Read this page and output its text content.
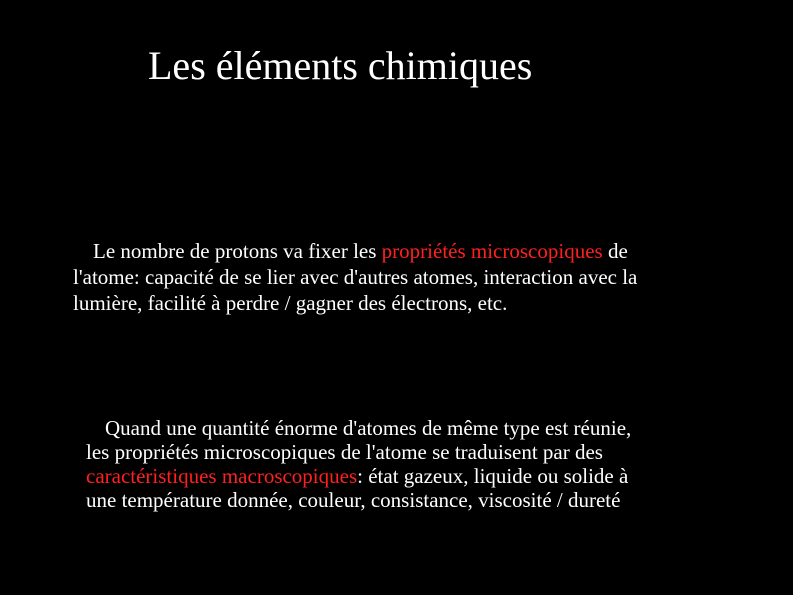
Les éléments chimiques

Le nombre de protons va fixer les propriétés microscopiques de
l'atome: capacité de se lier avec d'autres atomes, interaction avec la
lumière, facilité à perdre / gagner des électrons, etc.

Quand une quantité énorme d'atomes de même type est réunie,
les propriétés microscopiques de l'atome se traduisent par des
caractéristiques macroscopiques: état gazeux, liquide ou solide à
une température donnée, couleur, consistance, viscosité / dureté
